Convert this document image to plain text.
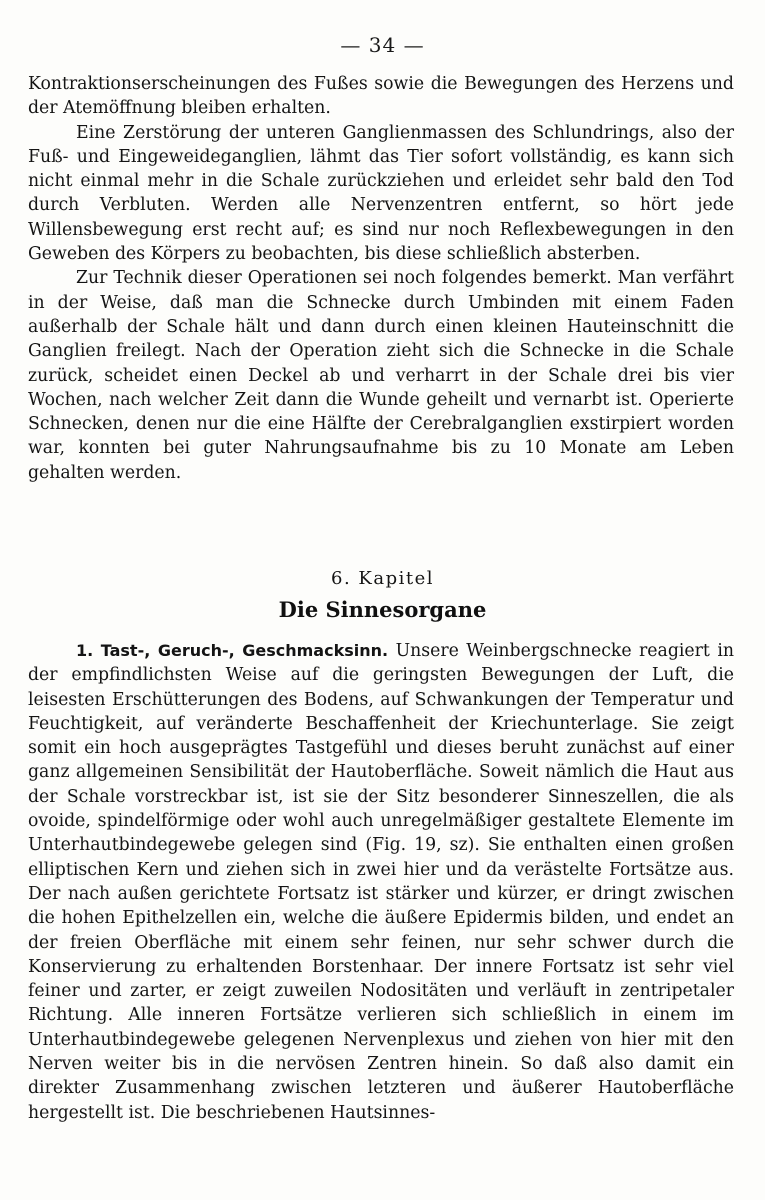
— 34 —

Kontraktionserscheinungen des Fußes sowie die Bewegungen des Herzens und der Atemöffnung bleiben erhalten.

Eine Zerstörung der unteren Ganglienmassen des Schlundrings, also der Fuß- und Eingeweideganglien, lähmt das Tier sofort vollständig, es kann sich nicht einmal mehr in die Schale zurückziehen und erleidet sehr bald den Tod durch Verbluten. Werden alle Nervenzentren entfernt, so hört jede Willensbewegung erst recht auf; es sind nur noch Reflexbewegungen in den Geweben des Körpers zu beobachten, bis diese schließlich absterben.

Zur Technik dieser Operationen sei noch folgendes bemerkt. Man verfährt in der Weise, daß man die Schnecke durch Umbinden mit einem Faden außerhalb der Schale hält und dann durch einen kleinen Hauteinschnitt die Ganglien freilegt. Nach der Operation zieht sich die Schnecke in die Schale zurück, scheidet einen Deckel ab und verharrt in der Schale drei bis vier Wochen, nach welcher Zeit dann die Wunde geheilt und vernarbt ist. Operierte Schnecken, denen nur die eine Hälfte der Cerebralganglien exstirpiert worden war, konnten bei guter Nahrungsaufnahme bis zu 10 Monate am Leben gehalten werden.

6. Kapitel
Die Sinnesorgane

1. Tast-, Geruch-, Geschmacksinn. Unsere Weinbergschnecke reagiert in der empfindlichsten Weise auf die geringsten Bewegungen der Luft, die leisesten Erschütterungen des Bodens, auf Schwankungen der Temperatur und Feuchtigkeit, auf veränderte Beschaffenheit der Kriechunterlage. Sie zeigt somit ein hoch ausgeprägtes Tastgefühl und dieses beruht zunächst auf einer ganz allgemeinen Sensibilität der Hautoberfläche. Soweit nämlich die Haut aus der Schale vorstreckbar ist, ist sie der Sitz besonderer Sinneszellen, die als ovoide, spindelförmige oder wohl auch unregelmäßiger gestaltete Elemente im Unterhautbindegewebe gelegen sind (Fig. 19, sz). Sie enthalten einen großen elliptischen Kern und ziehen sich in zwei hier und da verästelte Fortsätze aus. Der nach außen gerichtete Fortsatz ist stärker und kürzer, er dringt zwischen die hohen Epithelzellen ein, welche die äußere Epidermis bilden, und endet an der freien Oberfläche mit einem sehr feinen, nur sehr schwer durch die Konservierung zu erhaltenden Borstenhaar. Der innere Fortsatz ist sehr viel feiner und zarter, er zeigt zuweilen Nodositäten und verläuft in zentripetaler Richtung. Alle inneren Fortsätze verlieren sich schließlich in einem im Unterhautbindegewebe gelegenen Nervenplexus und ziehen von hier mit den Nerven weiter bis in die nervösen Zentren hinein. So daß also damit ein direkter Zusammenhang zwischen letzteren und äußerer Hautoberfläche hergestellt ist. Die beschriebenen Hautsinnes-
